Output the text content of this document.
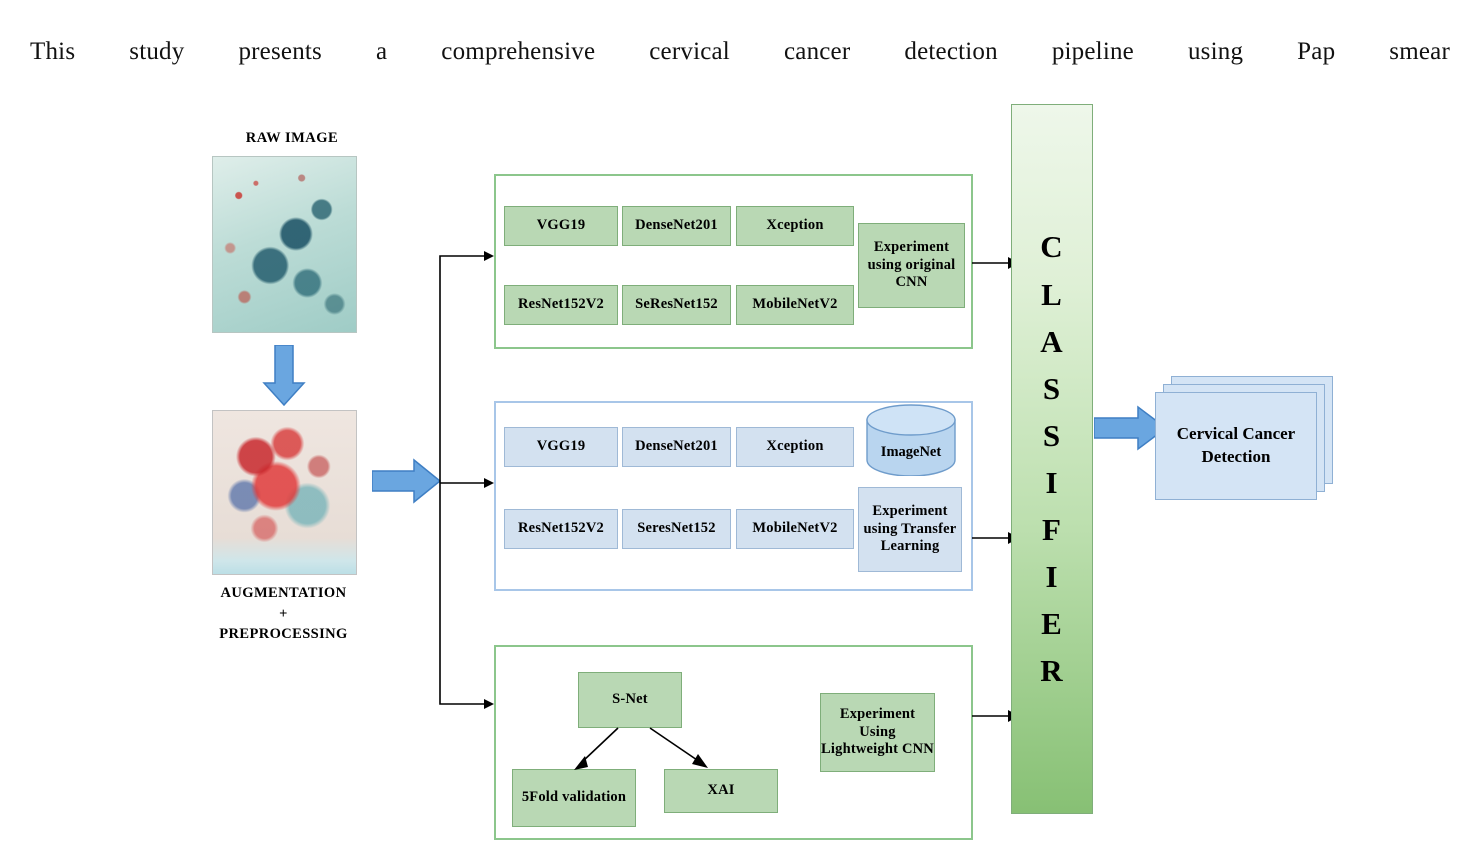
This study presents a comprehensive cervical cancer detection pipeline using Pap smear
RAW IMAGE
AUGMENTATION
+
PREPROCESSING
VGG19	DenseNet201	Xception
ResNet152V2	SeResNet152	MobileNetV2
Experiment using original CNN
VGG19	DenseNet201	Xception
ResNet152V2	SeresNet152	MobileNetV2
Experiment using Transfer Learning
ImageNet
S-Net
5Fold validation	XAI
Experiment Using Lightweight CNN
C
L
A
S
S
I
F
I
E
R
Cervical Cancer Detection
